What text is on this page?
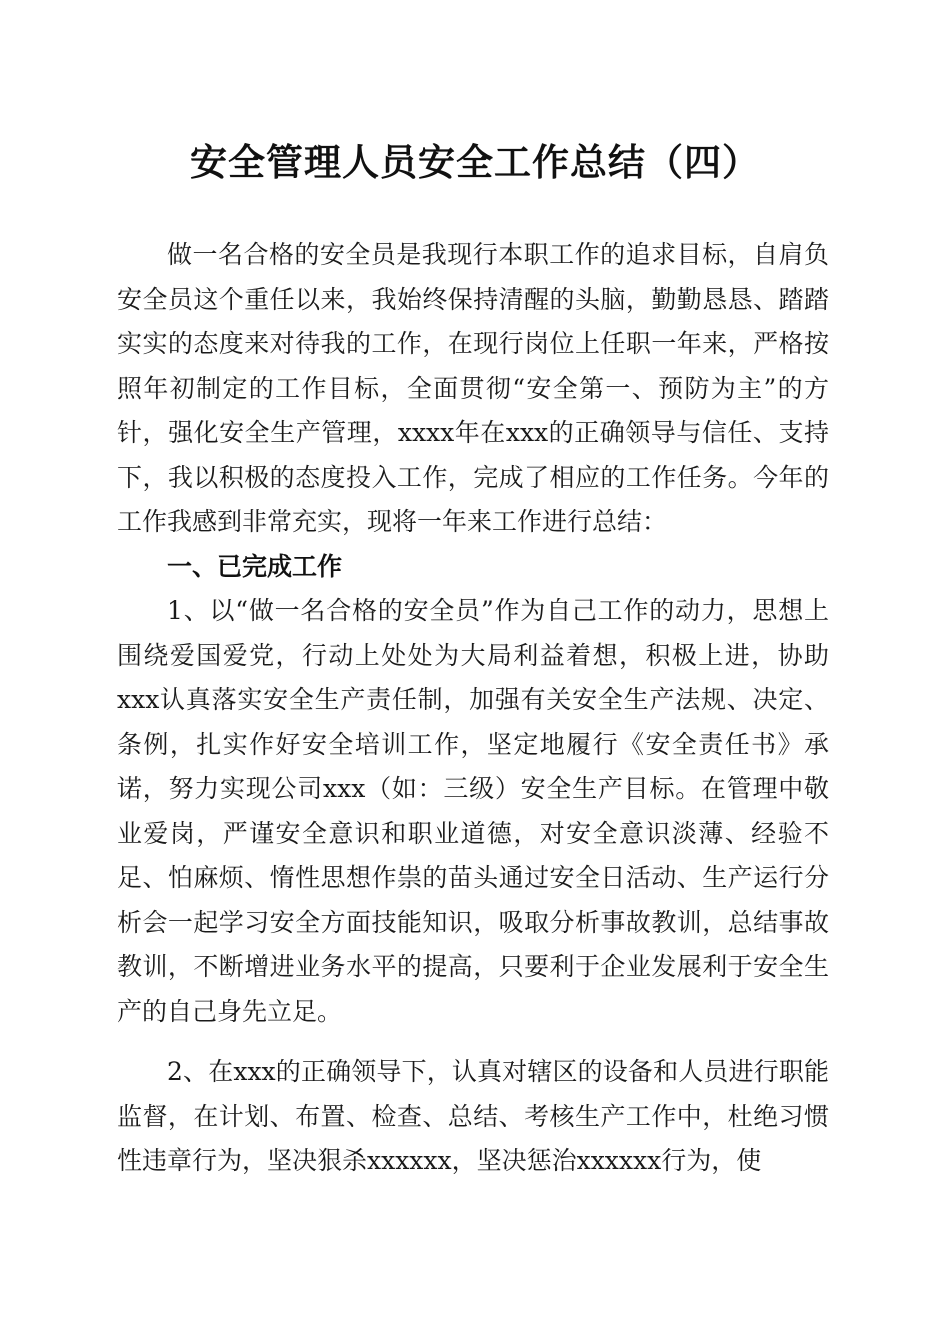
安全管理人员安全工作总结（四）

做一名合格的安全员是我现行本职工作的追求目标，自肩负安全员这个重任以来，我始终保持清醒的头脑，勤勤恳恳、踏踏实实的态度来对待我的工作，在现行岗位上任职一年来，严格按照年初制定的工作目标，全面贯彻“安全第一、预防为主”的方针，强化安全生产管理，xxxx年在xxx的正确领导与信任、支持下，我以积极的态度投入工作，完成了相应的工作任务。今年的工作我感到非常充实，现将一年来工作进行总结：

一、已完成工作

1、以“做一名合格的安全员”作为自己工作的动力，思想上围绕爱国爱党，行动上处处为大局利益着想，积极上进，协助xxx认真落实安全生产责任制，加强有关安全生产法规、决定、条例，扎实作好安全培训工作，坚定地履行《安全责任书》承诺，努力实现公司xxx（如：三级）安全生产目标。在管理中敬业爱岗，严谨安全意识和职业道德，对安全意识淡薄、经验不足、怕麻烦、惰性思想作祟的苗头通过安全日活动、生产运行分析会一起学习安全方面技能知识，吸取分析事故教训，总结事故教训，不断增进业务水平的提高，只要利于企业发展利于安全生产的自己身先立足。

2、在xxx的正确领导下，认真对辖区的设备和人员进行职能监督，在计划、布置、检查、总结、考核生产工作中，杜绝习惯性违章行为，坚决狠杀xxxxxx，坚决惩治xxxxxx行为，使
